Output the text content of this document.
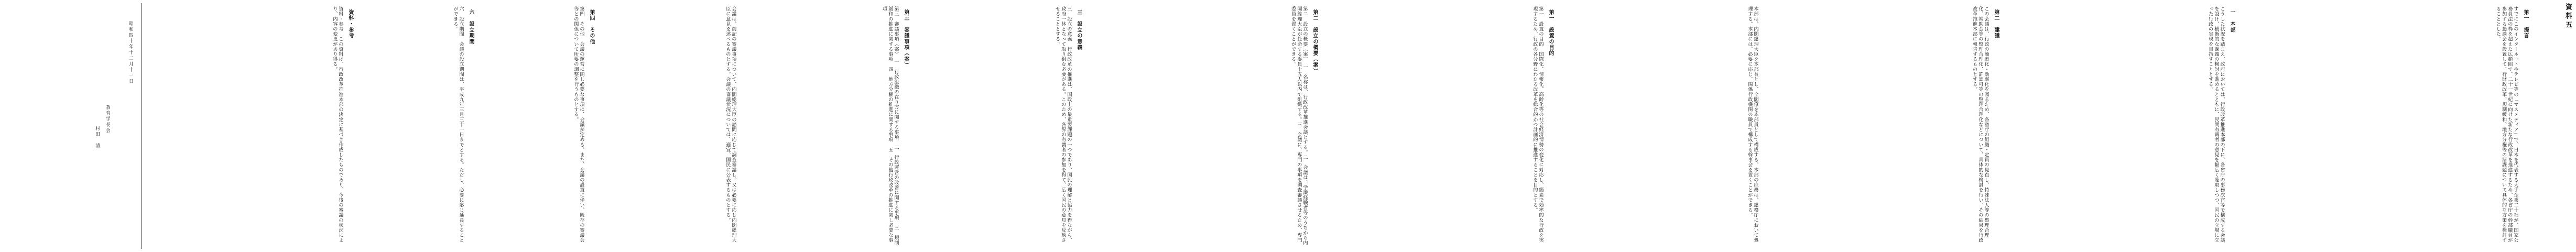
資料五
第一　提言
すでにこのインターネットやテレビ等の「マスメディア」で、日本を代表する大手企業二十社が、国家公務員法の枠を超えた広範囲で、二十一世紀に向けた新たな行政改革を推進するため、各省庁の幹部職員が参加する懇談会を設置して、行財政改革、規制緩和、地方分権等の諸課題について具体的な方策を検討することとした。
一　本部
こうした状況を踏まえ、政府においては、行政改革推進本部の下に、各省庁の事務次官等で構成する会議を設け、横断的な課題の検討を進めるとともに、民間有識者の意見を幅広く聴取しつつ、国民の立場に立った行政の実現を目指すこととする。
第二　建議
この会議は、行政の簡素化・効率化を図るため、各省庁の組織・定員の見直し、特殊法人等の整理合理化、補助金等の整理合理化、許認可等の整理合理化などについて、具体的な検討を行い、その結果を行政改革推進本部に報告するものとする。
本部は、内閣総理大臣を本部長とし、全閣僚を本部員として構成する。本部の庶務は、総務庁において処理する。本部には、必要に応じ、関係行政機関の職員で構成する幹事会を置くことができる。
第一　設置の目的
第一　設置の目的　国際化、情報化、高齢化等の社会経済情勢の変化に対応し、簡素で効率的な行政を実現するため、行政の各分野にわたる改革を総合的かつ計画的に推進することを目的とする。
第二　設立の概要（案）
第二　設立の概要（案）　一　名称は、行政改革推進会議とする。二　会議は、学識経験者等のうちから内閣総理大臣が任命する委員十五人以内で組織する。三　会議に、専門の事項を調査審議させるため、専門委員を置くことができる。
三　設立の意義
三　設立の意義　行政改革の推進は、国政上の最重要課題の一つであり、国民の理解と協力を得ながら、政府一体となって取り組む必要がある。このため、各界の有識者の参加を得て、広く国民の意見を反映させることとする。
第三　審議事項（案）
第三　審議事項（案）　一　行政組織の在り方に関する事項　二　行政運営の改善に関する事項　三　規制緩和の推進に関する事項　四　地方分権の推進に関する事項　五　その他行政改革の推進に関し必要な事項
会議は、前記の審議事項について、内閣総理大臣の諮問に応じて調査審議し、又は必要に応じ内閣総理大臣に意見を述べるものとする。会議の審議状況については、適宜、国民に公表するものとする。
第四　その他
第四　その他　会議の運営に関し必要な事項は、会議が定める。また、会議の設置に伴い、既存の審議会等との関係について所要の調整を行うものとする。
六　設立期間
六　設立期間　会議の設立期間は、平成九年三月三十一日までとする。ただし、必要に応じ延長することができる。
資料・参考
資料・参考　この資料は、行政改革推進本部の決定に基づき作成したものであり、今後の審議の状況により、内容の変更があり得る。
昭和四十年十二月十一日
教育学長会
村田　清
